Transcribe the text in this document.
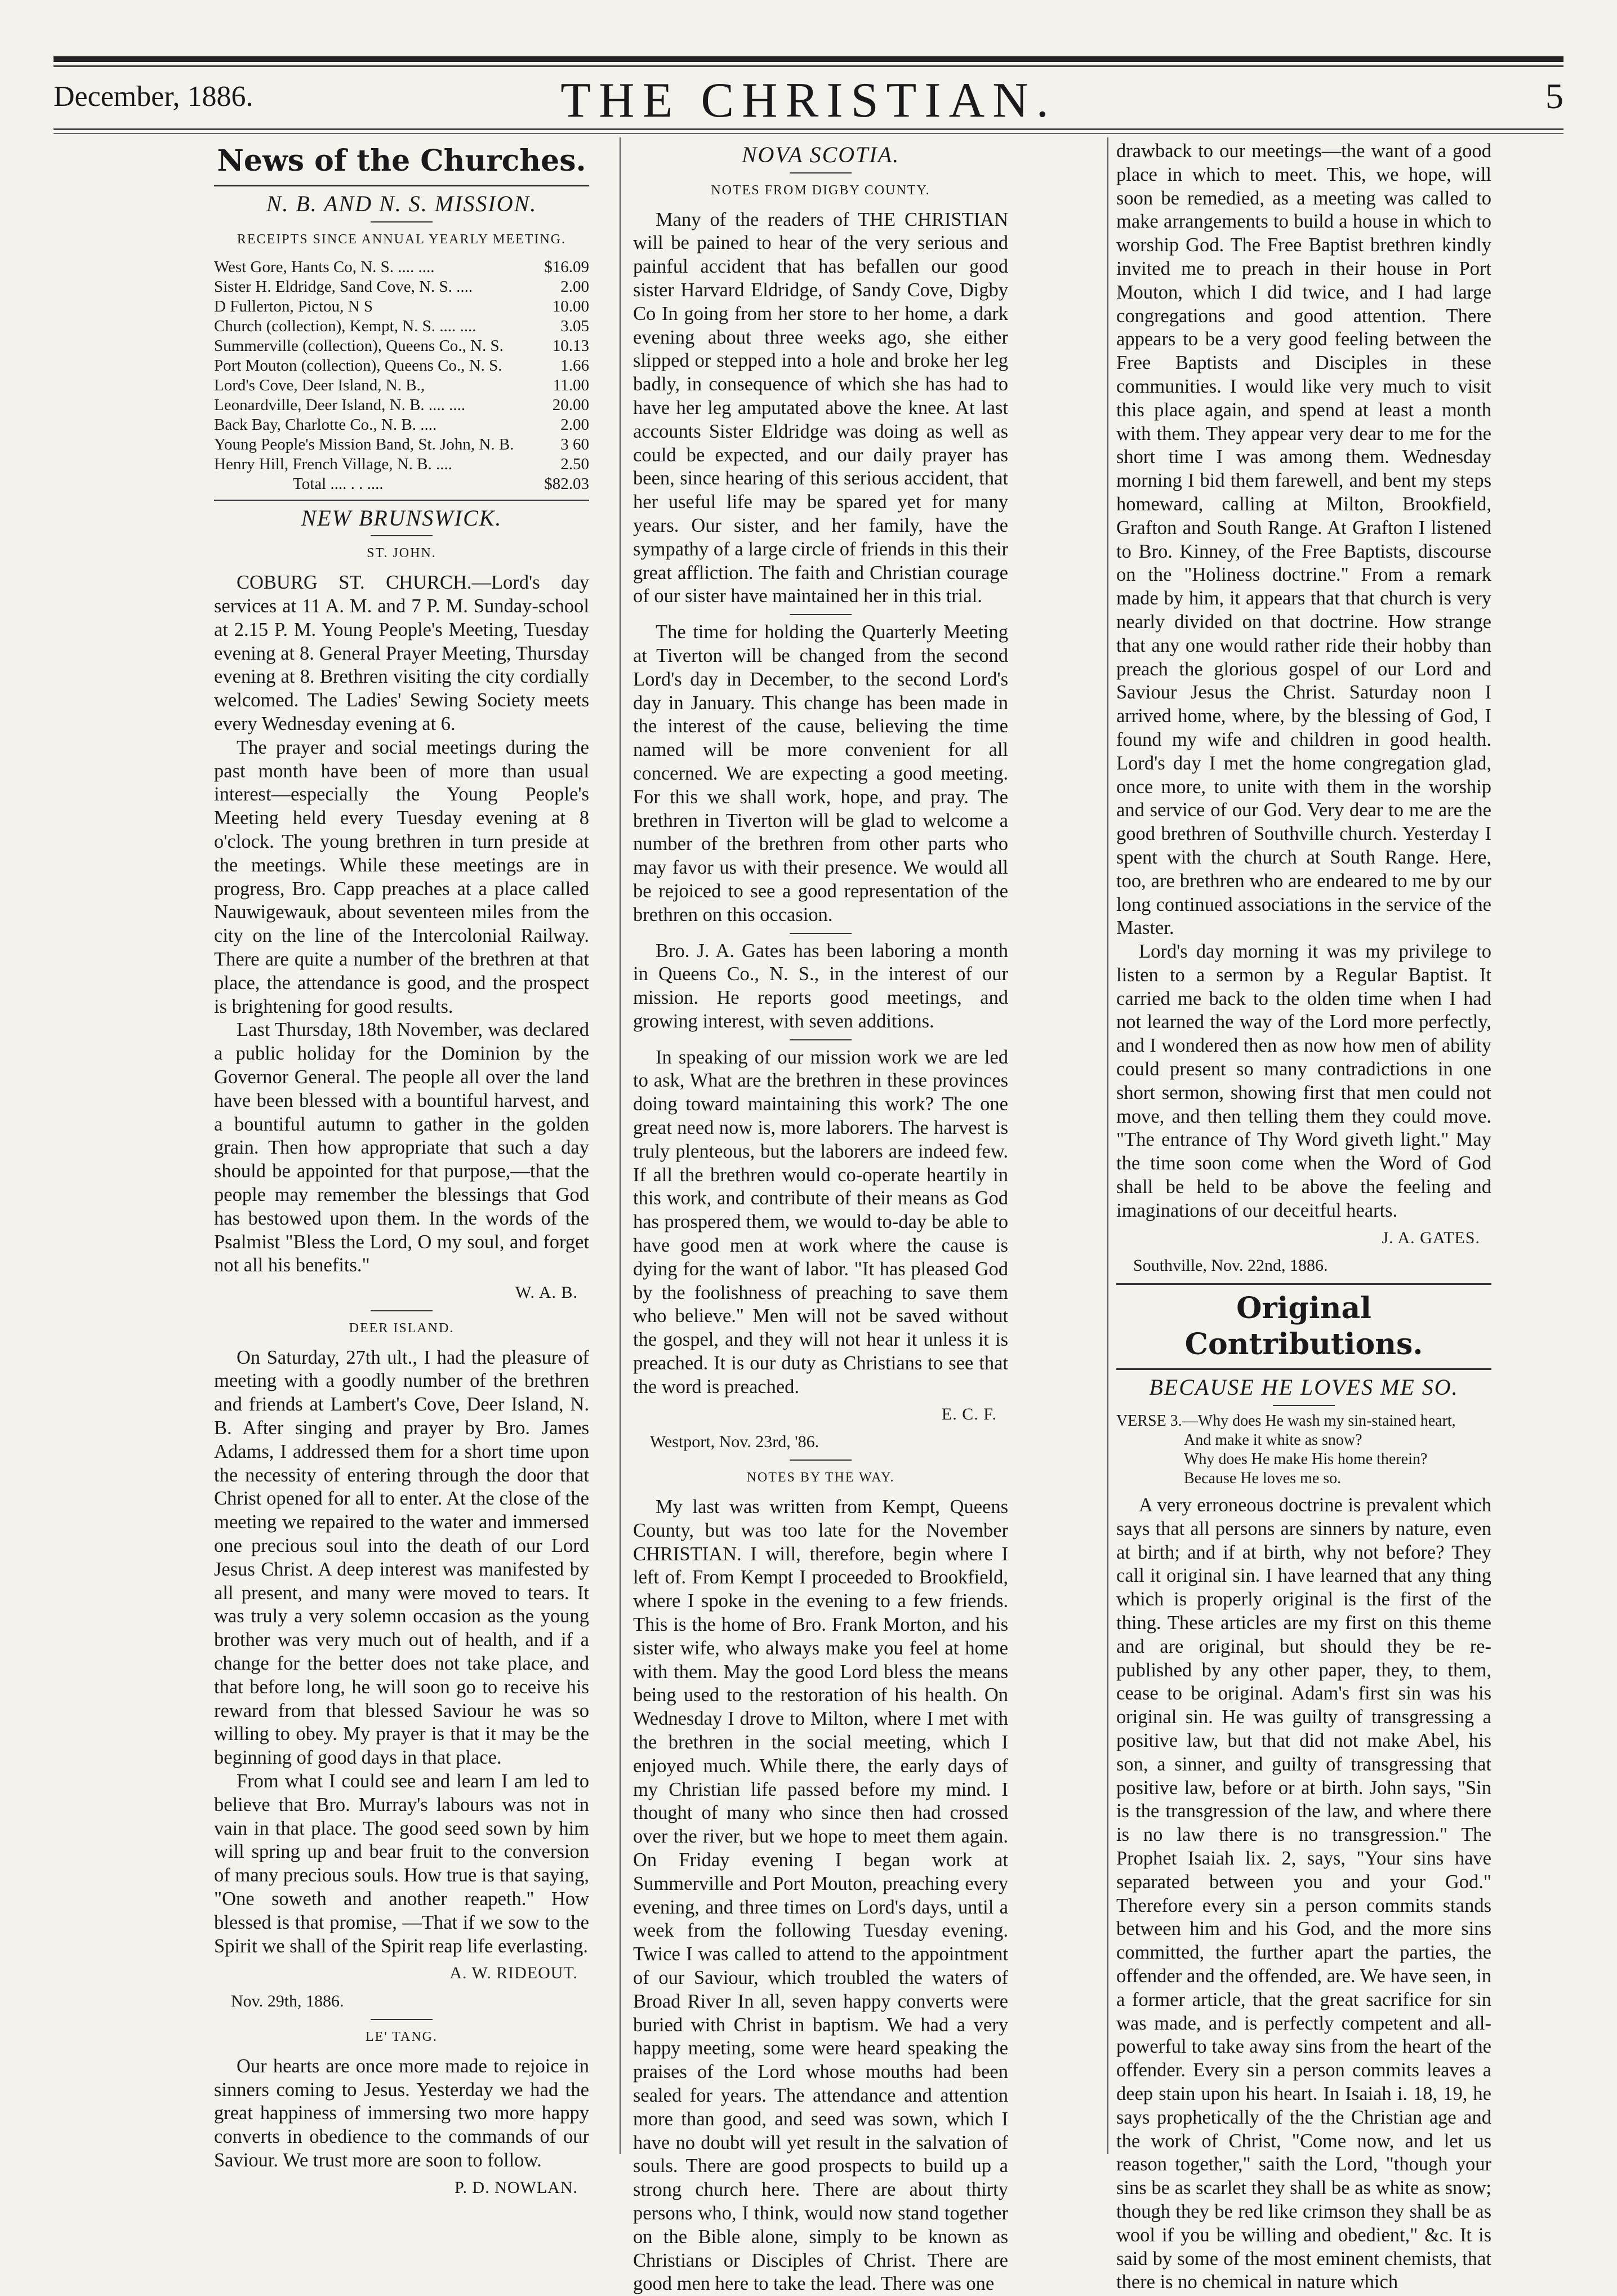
December, 1886.	THE CHRISTIAN.	5
News of the Churches.
N. B. AND N. S. MISSION.
RECEIPTS SINCE ANNUAL YEARLY MEETING.
West Gore, Hants Co, N. S. .... ....	$16.09
Sister H. Eldridge, Sand Cove, N. S. ....	2.00
D Fullerton, Pictou, N S	10.00
Church (collection), Kempt, N. S. .... ....	3.05
Summerville (collection), Queens Co., N. S.	10.13
Port Mouton (collection), Queens Co., N. S.	1.66
Lord's Cove, Deer Island, N. B.,	11.00
Leonardville, Deer Island, N. B. .... ....	20.00
Back Bay, Charlotte Co., N. B. ....	2.00
Young People's Mission Band, St. John, N. B.	3 60
Henry Hill, French Village, N. B. ....	2.50
Total .... . . ....	$82.03
NEW BRUNSWICK.
ST. JOHN.

COBURG ST. CHURCH.—Lord's day services at 11 A. M. and 7 P. M. Sunday-school at 2.15 P. M. Young People's Meeting, Tuesday evening at 8. General Prayer Meeting, Thursday evening at 8. Brethren visiting the city cordially welcomed. The Ladies' Sewing Society meets every Wednesday evening at 6.

The prayer and social meetings during the past month have been of more than usual interest—especially the Young People's Meeting held every Tuesday evening at 8 o'clock. The young brethren in turn preside at the meetings. While these meetings are in progress, Bro. Capp preaches at a place called Nauwigewauk, about seventeen miles from the city on the line of the Intercolonial Railway. There are quite a number of the brethren at that place, the attendance is good, and the prospect is brightening for good results.

Last Thursday, 18th November, was declared a public holiday for the Dominion by the Governor General. The people all over the land have been blessed with a bountiful harvest, and a bountiful autumn to gather in the golden grain. Then how appropriate that such a day should be appointed for that purpose,—that the people may remember the blessings that God has bestowed upon them. In the words of the Psalmist "Bless the Lord, O my soul, and forget not all his benefits."

W. A. B.
DEER ISLAND.

On Saturday, 27th ult., I had the pleasure of meeting with a goodly number of the brethren and friends at Lambert's Cove, Deer Island, N. B. After singing and prayer by Bro. James Adams, I addressed them for a short time upon the necessity of entering through the door that Christ opened for all to enter. At the close of the meeting we repaired to the water and immersed one precious soul into the death of our Lord Jesus Christ. A deep interest was manifested by all present, and many were moved to tears. It was truly a very solemn occasion as the young brother was very much out of health, and if a change for the better does not take place, and that before long, he will soon go to receive his reward from that blessed Saviour he was so willing to obey. My prayer is that it may be the beginning of good days in that place.

From what I could see and learn I am led to believe that Bro. Murray's labours was not in vain in that place. The good seed sown by him will spring up and bear fruit to the conversion of many precious souls. How true is that saying, "One soweth and another reapeth." How blessed is that promise, —That if we sow to the Spirit we shall of the Spirit reap life everlasting.

A. W. RIDEOUT.

Nov. 29th, 1886.

LE' TANG.

Our hearts are once more made to rejoice in sinners coming to Jesus. Yesterday we had the great happiness of immersing two more happy converts in obedience to the commands of our Saviour. We trust more are soon to follow.

P. D. NOWLAN.
NOVA SCOTIA.
NOTES FROM DIGBY COUNTY.

Many of the readers of THE CHRISTIAN will be pained to hear of the very serious and painful accident that has befallen our good sister Harvard Eldridge, of Sandy Cove, Digby Co In going from her store to her home, a dark evening about three weeks ago, she either slipped or stepped into a hole and broke her leg badly, in consequence of which she has had to have her leg amputated above the knee. At last accounts Sister Eldridge was doing as well as could be expected, and our daily prayer has been, since hearing of this serious accident, that her useful life may be spared yet for many years. Our sister, and her family, have the sympathy of a large circle of friends in this their great affliction. The faith and Christian courage of our sister have maintained her in this trial.

The time for holding the Quarterly Meeting at Tiverton will be changed from the second Lord's day in December, to the second Lord's day in January. This change has been made in the interest of the cause, believing the time named will be more convenient for all concerned. We are expecting a good meeting. For this we shall work, hope, and pray. The brethren in Tiverton will be glad to welcome a number of the brethren from other parts who may favor us with their presence. We would all be rejoiced to see a good representation of the brethren on this occasion.

Bro. J. A. Gates has been laboring a month in Queens Co., N. S., in the interest of our mission. He reports good meetings, and growing interest, with seven additions.

In speaking of our mission work we are led to ask, What are the brethren in these provinces doing toward maintaining this work? The one great need now is, more laborers. The harvest is truly plenteous, but the laborers are indeed few. If all the brethren would co-operate heartily in this work, and contribute of their means as God has prospered them, we would to-day be able to have good men at work where the cause is dying for the want of labor. "It has pleased God by the foolishness of preaching to save them who believe." Men will not be saved without the gospel, and they will not hear it unless it is preached. It is our duty as Christians to see that the word is preached.

E. C. F.

Westport, Nov. 23rd, '86.

NOTES BY THE WAY.

My last was written from Kempt, Queens County, but was too late for the November CHRISTIAN. I will, therefore, begin where I left of. From Kempt I proceeded to Brookfield, where I spoke in the evening to a few friends. This is the home of Bro. Frank Morton, and his sister wife, who always make you feel at home with them. May the good Lord bless the means being used to the restoration of his health. On Wednesday I drove to Milton, where I met with the brethren in the social meeting, which I enjoyed much. While there, the early days of my Christian life passed before my mind. I thought of many who since then had crossed over the river, but we hope to meet them again. On Friday evening I began work at Summerville and Port Mouton, preaching every evening, and three times on Lord's days, until a week from the following Tuesday evening. Twice I was called to attend to the appointment of our Saviour, which troubled the waters of Broad River In all, seven happy converts were buried with Christ in baptism. We had a very happy meeting, some were heard speaking the praises of the Lord whose mouths had been sealed for years. The attendance and attention more than good, and seed was sown, which I have no doubt will yet result in the salvation of souls. There are good prospects to build up a strong church here. There are about thirty persons who, I think, would now stand together on the Bible alone, simply to be known as Christians or Disciples of Christ. There are good men here to take the lead. There was one

drawback to our meetings—the want of a good place in which to meet. This, we hope, will soon be remedied, as a meeting was called to make arrangements to build a house in which to worship God. The Free Baptist brethren kindly invited me to preach in their house in Port Mouton, which I did twice, and I had large congregations and good attention. There appears to be a very good feeling between the Free Baptists and Disciples in these communities. I would like very much to visit this place again, and spend at least a month with them. They appear very dear to me for the short time I was among them. Wednesday morning I bid them farewell, and bent my steps homeward, calling at Milton, Brookfield, Grafton and South Range. At Grafton I listened to Bro. Kinney, of the Free Baptists, discourse on the "Holiness doctrine." From a remark made by him, it appears that that church is very nearly divided on that doctrine. How strange that any one would rather ride their hobby than preach the glorious gospel of our Lord and Saviour Jesus the Christ. Saturday noon I arrived home, where, by the blessing of God, I found my wife and children in good health. Lord's day I met the home congregation glad, once more, to unite with them in the worship and service of our God. Very dear to me are the good brethren of Southville church. Yesterday I spent with the church at South Range. Here, too, are brethren who are endeared to me by our long continued associations in the service of the Master.

Lord's day morning it was my privilege to listen to a sermon by a Regular Baptist. It carried me back to the olden time when I had not learned the way of the Lord more perfectly, and I wondered then as now how men of ability could present so many contradictions in one short sermon, showing first that men could not move, and then telling them they could move. "The entrance of Thy Word giveth light." May the time soon come when the Word of God shall be held to be above the feeling and imaginations of our deceitful hearts.

J. A. GATES.

Southville, Nov. 22nd, 1886.

Original Contributions.
BECAUSE HE LOVES ME SO.

VERSE 3.—Why does He wash my sin-stained heart,
And make it white as snow?
Why does He make His home therein?
Because He loves me so.

A very erroneous doctrine is prevalent which says that all persons are sinners by nature, even at birth; and if at birth, why not before? They call it original sin. I have learned that any thing which is properly original is the first of the thing. These articles are my first on this theme and are original, but should they be re-published by any other paper, they, to them, cease to be original. Adam's first sin was his original sin. He was guilty of transgressing a positive law, but that did not make Abel, his son, a sinner, and guilty of transgressing that positive law, before or at birth. John says, "Sin is the transgression of the law, and where there is no law there is no transgression." The Prophet Isaiah lix. 2, says, "Your sins have separated between you and your God." Therefore every sin a person commits stands between him and his God, and the more sins committed, the further apart the parties, the offender and the offended, are. We have seen, in a former article, that the great sacrifice for sin was made, and is perfectly competent and all-powerful to take away sins from the heart of the offender. Every sin a person commits leaves a deep stain upon his heart. In Isaiah i. 18, 19, he says prophetically of the the Christian age and the work of Christ, "Come now, and let us reason together," saith the Lord, "though your sins be as scarlet they shall be as white as snow; though they be red like crimson they shall be as wool if you be willing and obedient," &c. It is said by some of the most eminent chemists, that there is no chemical in nature which
